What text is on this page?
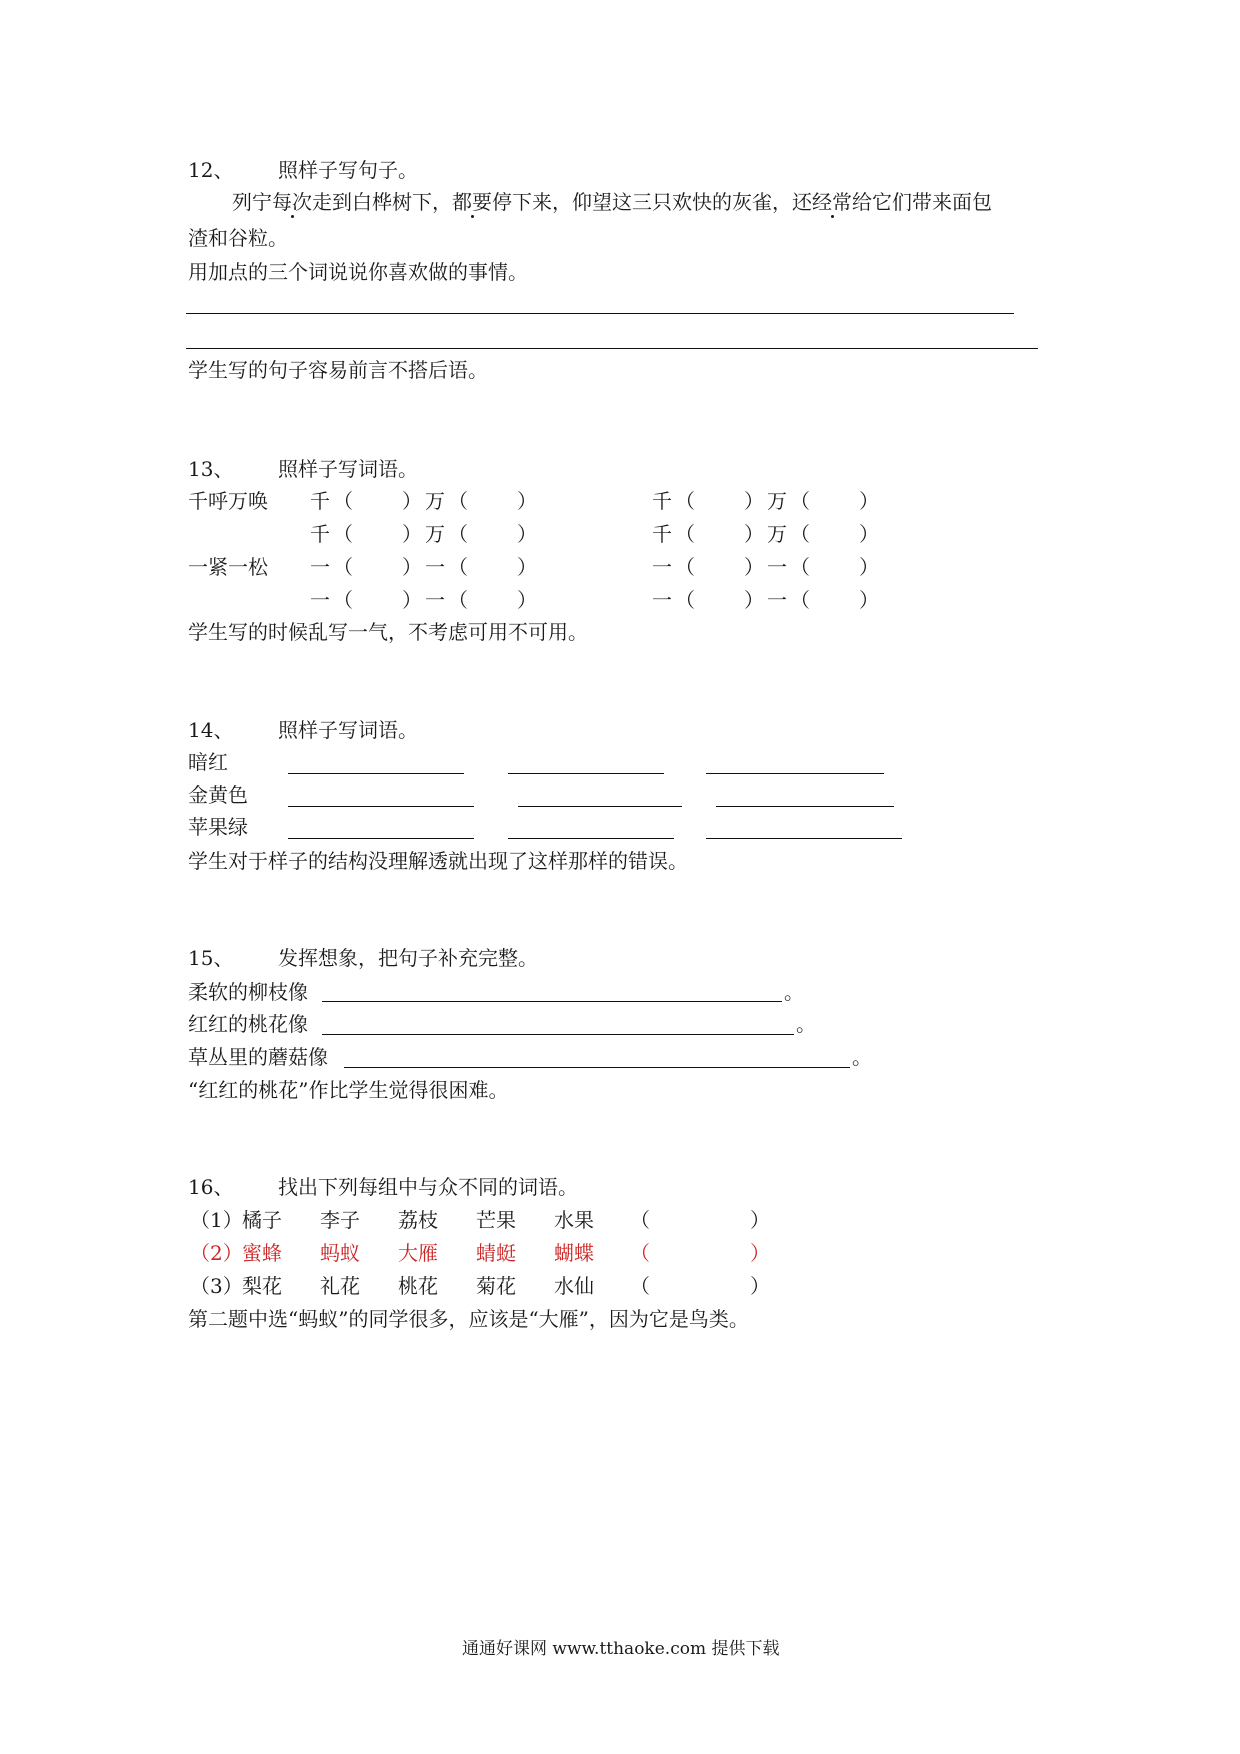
12、 照样子写句子。
列宁每次走到白桦树下，都要停下来，仰望这三只欢快的灰雀，还经常给它们带来面包
渣和谷粒。
用加点的三个词说说你喜欢做的事情。
学生写的句子容易前言不搭后语。
13、 照样子写词语。
千呼万唤 千（　　）万（　　）	千（　　）万（　　）
千（　　）万（　　）	千（　　）万（　　）
一紧一松 一（　　）一（　　）	一（　　）一（　　）
一（　　）一（　　）	一（　　）一（　　）
学生写的时候乱写一气，不考虑可用不可用。
14、 照样子写词语。
暗红
金黄色
苹果绿
学生对于样子的结构没理解透就出现了这样那样的错误。
15、 发挥想象，把句子补充完整。
柔软的柳枝像	。
红红的桃花像	。
草丛里的蘑菇像	。
“红红的桃花”作比学生觉得很困难。
16、 找出下列每组中与众不同的词语。
（1） 橘子 李子 荔枝 芒果 水果 （　　　　　）
（2） 蜜蜂 蚂蚁 大雁 蜻蜓 蝴蝶 （　　　　　）
（3） 梨花 礼花 桃花 菊花 水仙 （　　　　　）
第二题中选“蚂蚁”的同学很多，应该是“大雁”，因为它是鸟类。
通通好课网 www.tthaoke.com 提供下载
